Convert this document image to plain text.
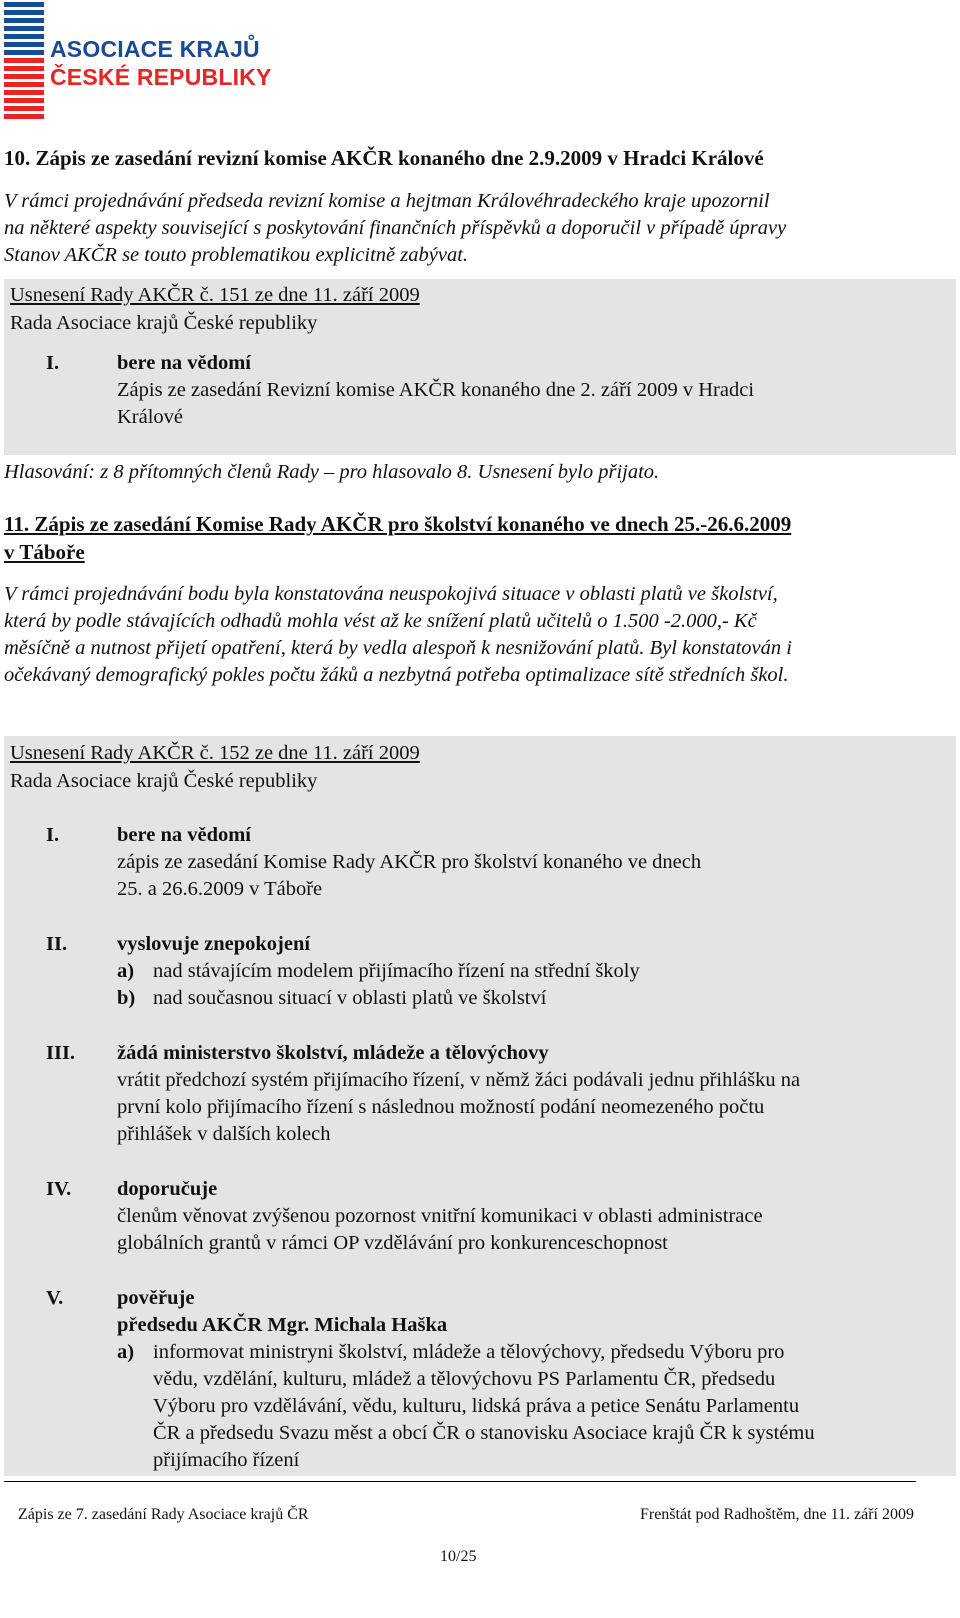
ASOCIACE KRAJŮ
ČESKÉ REPUBLIKY
10. Zápis ze zasedání revizní komise AKČR konaného dne 2.9.2009 v Hradci Králové
V rámci projednávání předseda revizní komise a hejtman Královéhradeckého kraje upozornil
na některé aspekty související s poskytování finančních příspěvků a doporučil v případě úpravy
Stanov AKČR se touto problematikou explicitně zabývat.
Usnesení Rady AKČR č. 151 ze dne 11. září 2009
Rada Asociace krajů České republiky
I.	bere na vědomí
Zápis ze zasedání Revizní komise AKČR konaného dne 2. září 2009 v Hradci
Králové
Hlasování: z 8 přítomných členů Rady – pro hlasovalo 8. Usnesení bylo přijato.
11. Zápis ze zasedání Komise Rady AKČR pro školství konaného ve dnech 25.-26.6.2009
v Táboře
V rámci projednávání bodu byla konstatována neuspokojivá situace v oblasti platů ve školství,
která by podle stávajících odhadů mohla vést až ke snížení platů učitelů o 1.500 -2.000,- Kč
měsíčně a nutnost přijetí opatření, která by vedla alespoň k nesnižování platů. Byl konstatován i
očekávaný demografický pokles počtu žáků a nezbytná potřeba optimalizace sítě středních škol.
Usnesení Rady AKČR č. 152 ze dne 11. září 2009
Rada Asociace krajů České republiky
I.	bere na vědomí
zápis ze zasedání Komise Rady AKČR pro školství konaného ve dnech
25. a 26.6.2009 v Táboře
II. vyslovuje znepokojení
a) nad stávajícím modelem přijímacího řízení na střední školy
b) nad současnou situací v oblasti platů ve školství
III. žádá ministerstvo školství, mládeže a tělovýchovy
vrátit předchozí systém přijímacího řízení, v němž žáci podávali jednu přihlášku na
první kolo přijímacího řízení s následnou možností podání neomezeného počtu
přihlášek v dalších kolech
IV. doporučuje
členům věnovat zvýšenou pozornost vnitřní komunikaci v oblasti administrace
globálních grantů v rámci OP vzdělávání pro konkurenceschopnost
V.	pověřuje
předsedu AKČR Mgr. Michala Haška
a) informovat ministryni školství, mládeže a tělovýchovy, předsedu Výboru pro
vědu, vzdělání, kulturu, mládež a tělovýchovu PS Parlamentu ČR, předsedu
Výboru pro vzdělávání, vědu, kulturu, lidská práva a petice Senátu Parlamentu
ČR a předsedu Svazu měst a obcí ČR o stanovisku Asociace krajů ČR k systému
přijímacího řízení
Zápis ze 7. zasedání Rady Asociace krajů ČR	Frenštát pod Radhoštěm, dne 11. září 2009
10/25
